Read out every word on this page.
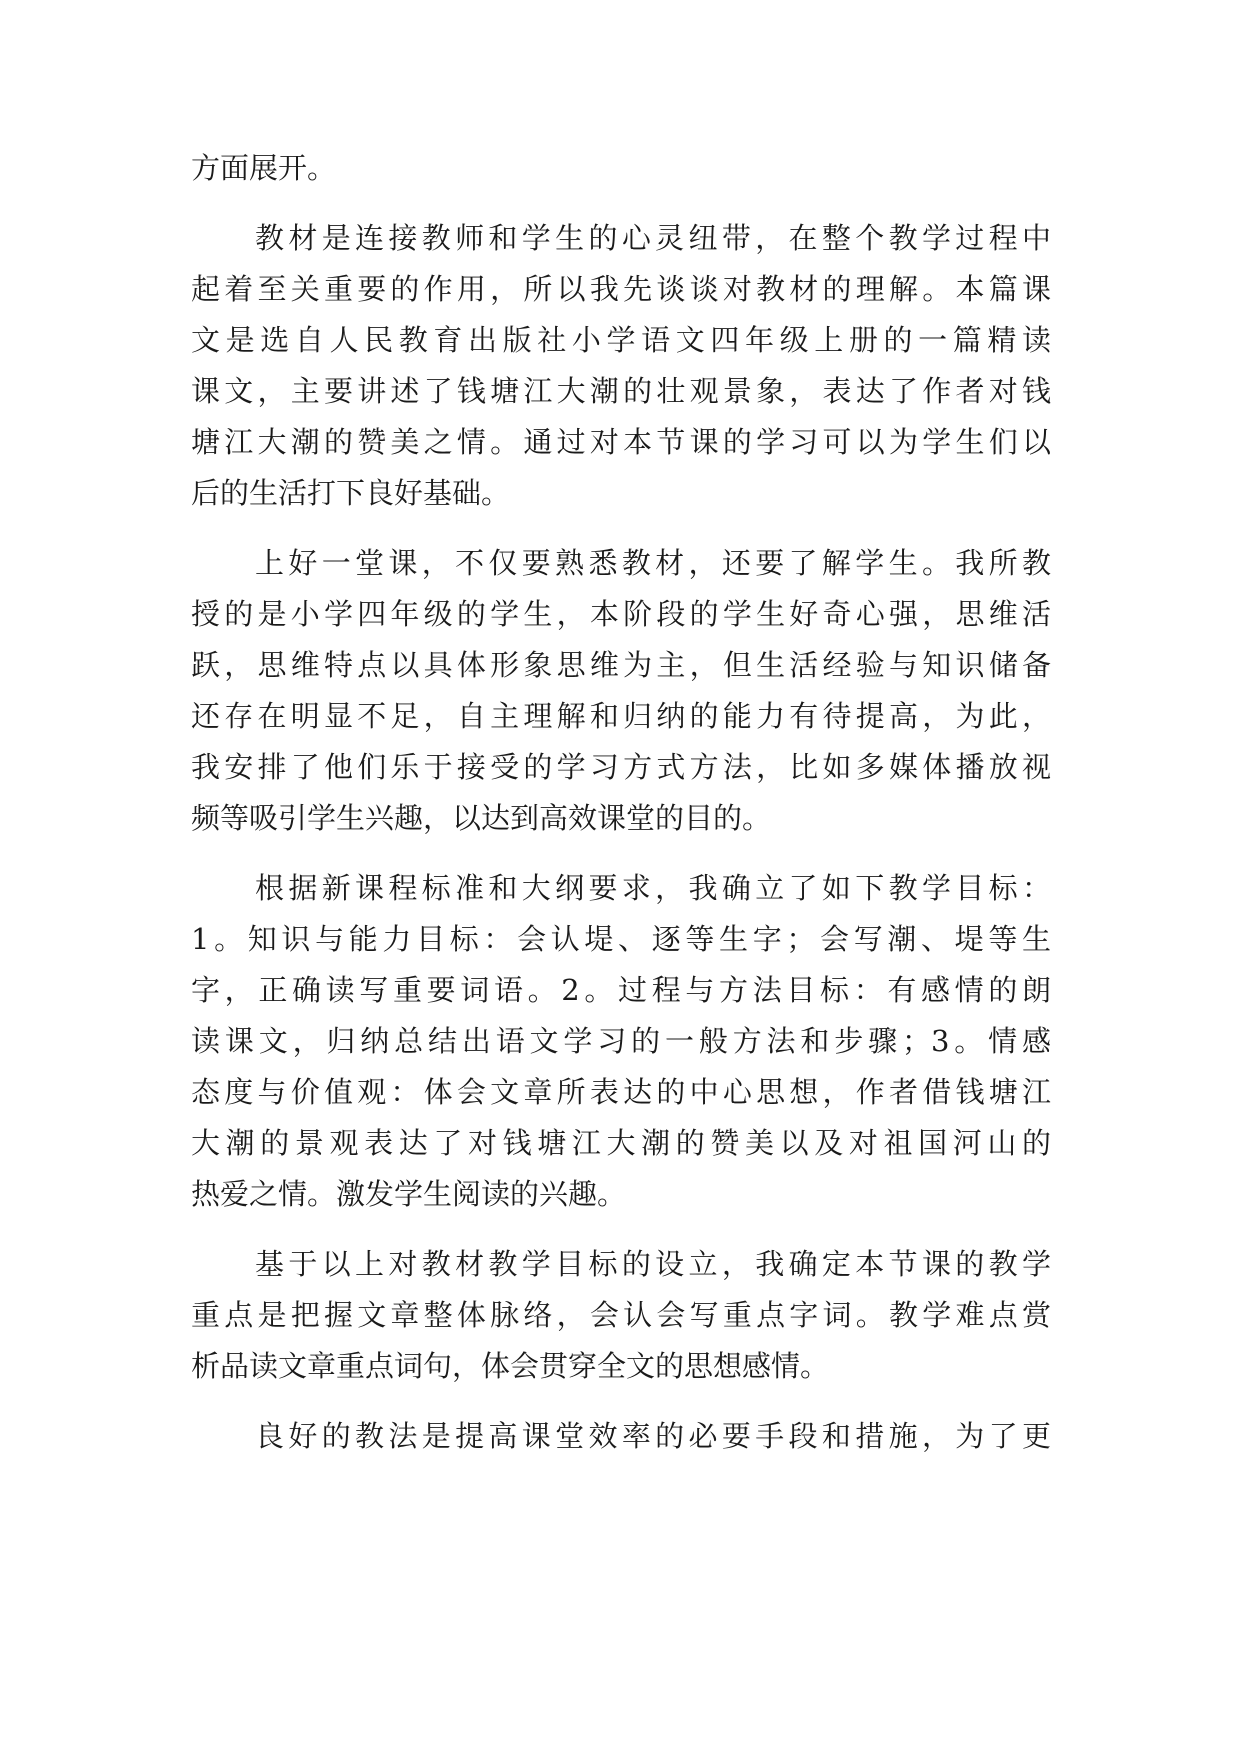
方面展开。
教材是连接教师和学生的心灵纽带，在整个教学过程中
起着至关重要的作用，所以我先谈谈对教材的理解。本篇课
文是选自人民教育出版社小学语文四年级上册的一篇精读
课文，主要讲述了钱塘江大潮的壮观景象，表达了作者对钱
塘江大潮的赞美之情。通过对本节课的学习可以为学生们以
后的生活打下良好基础。
上好一堂课，不仅要熟悉教材，还要了解学生。我所教
授的是小学四年级的学生，本阶段的学生好奇心强，思维活
跃，思维特点以具体形象思维为主，但生活经验与知识储备
还存在明显不足，自主理解和归纳的能力有待提高，为此，
我安排了他们乐于接受的学习方式方法，比如多媒体播放视
频等吸引学生兴趣，以达到高效课堂的目的。
根据新课程标准和大纲要求，我确立了如下教学目标：
1。知识与能力目标：会认堤、逐等生字；会写潮、堤等生
字，正确读写重要词语。2。过程与方法目标：有感情的朗
读课文，归纳总结出语文学习的一般方法和步骤；3。情感
态度与价值观：体会文章所表达的中心思想，作者借钱塘江
大潮的景观表达了对钱塘江大潮的赞美以及对祖国河山的
热爱之情。激发学生阅读的兴趣。
基于以上对教材教学目标的设立，我确定本节课的教学
重点是把握文章整体脉络，会认会写重点字词。教学难点赏
析品读文章重点词句，体会贯穿全文的思想感情。
良好的教法是提高课堂效率的必要手段和措施，为了更
